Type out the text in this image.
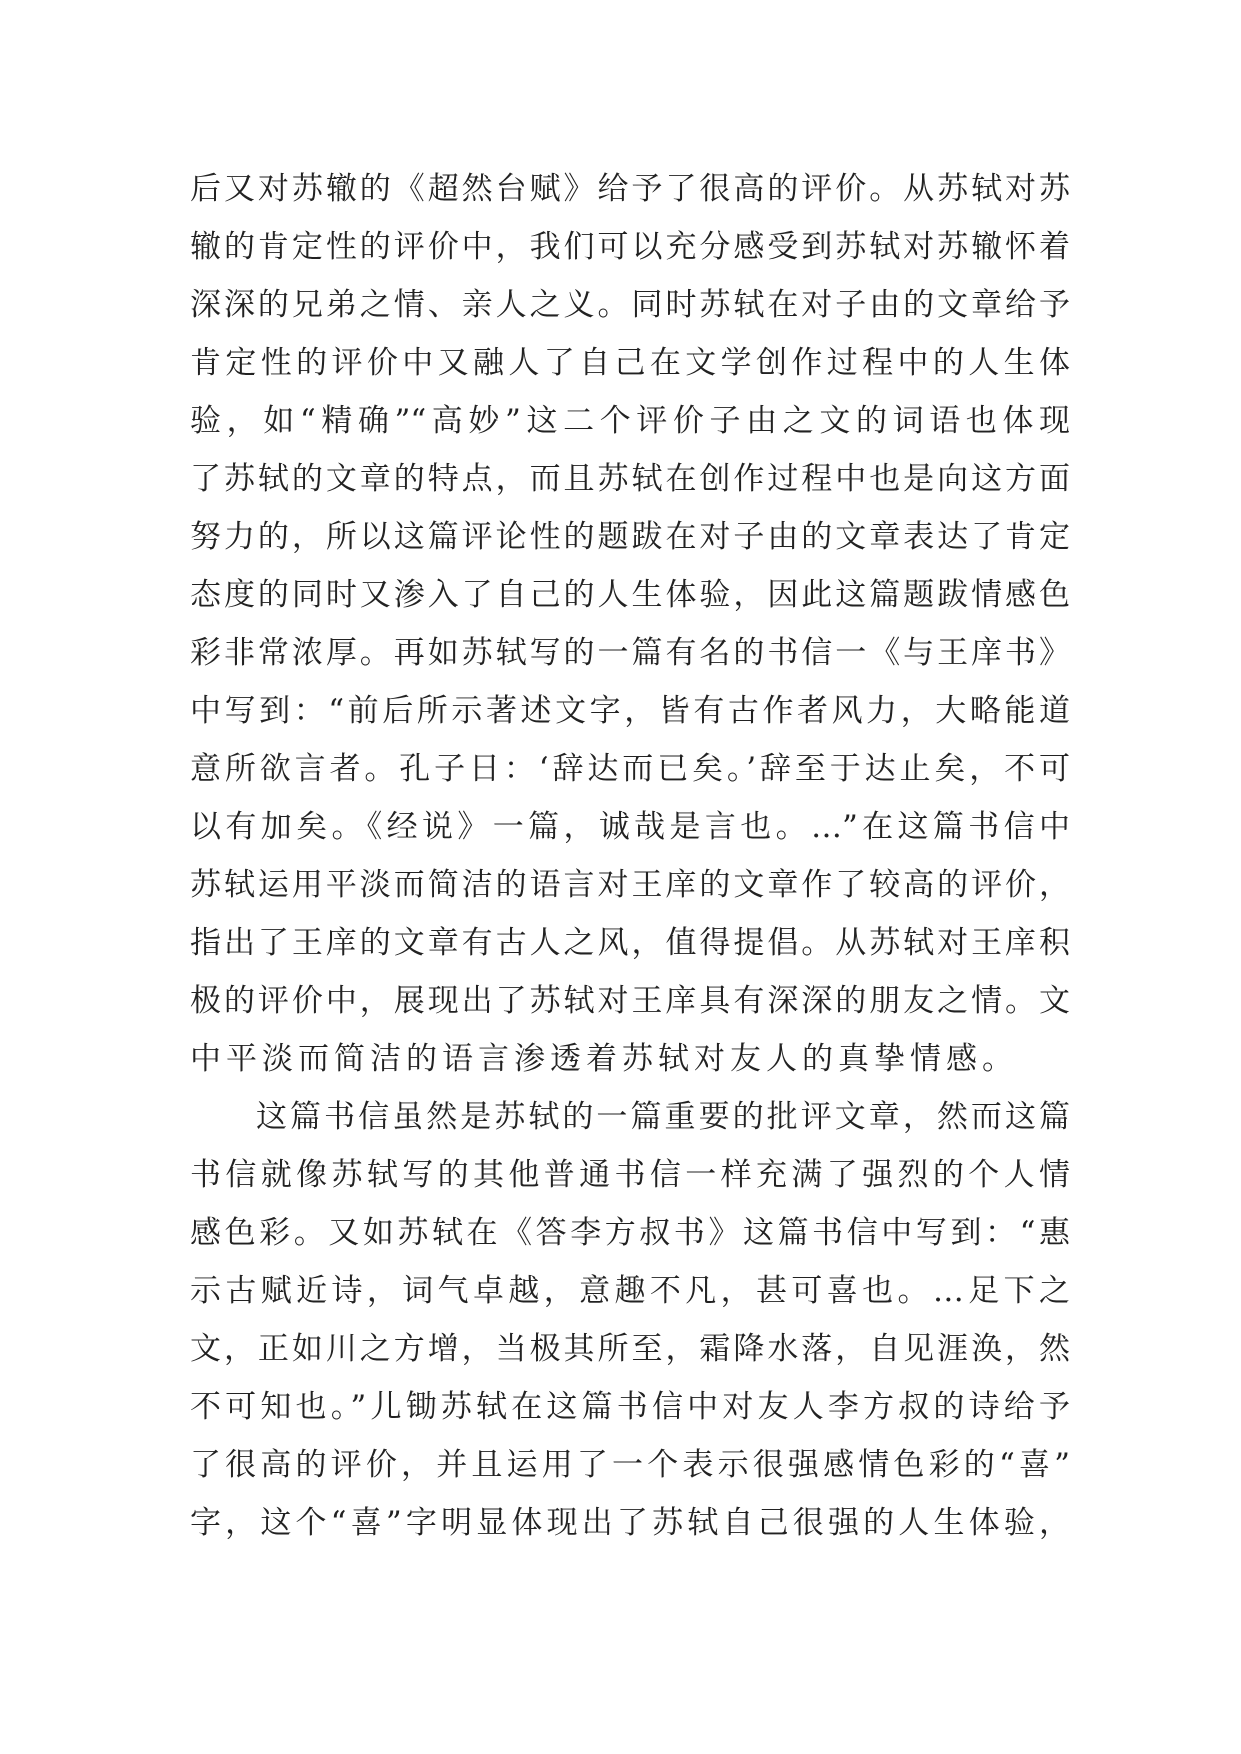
后又对苏辙的《超然台赋》给予了很高的评价。从苏轼对苏
辙的肯定性的评价中，我们可以充分感受到苏轼对苏辙怀着
深深的兄弟之情、亲人之义。同时苏轼在对子由的文章给予
肯定性的评价中又融人了自己在文学创作过程中的人生体
验，如“精确”“高妙”这二个评价子由之文的词语也体现
了苏轼的文章的特点，而且苏轼在创作过程中也是向这方面
努力的，所以这篇评论性的题跋在对子由的文章表达了肯定
态度的同时又渗入了自己的人生体验，因此这篇题跋情感色
彩非常浓厚。再如苏轼写的一篇有名的书信一《与王庠书》
中写到：“前后所示著述文字，皆有古作者风力，大略能道
意所欲言者。孔子日：‘辞达而已矣。’辞至于达止矣，不可
以有加矣。《经说》一篇，诚哉是言也。…”在这篇书信中
苏轼运用平淡而简洁的语言对王庠的文章作了较高的评价，
指出了王庠的文章有古人之风，值得提倡。从苏轼对王庠积
极的评价中，展现出了苏轼对王庠具有深深的朋友之情。文
中平淡而简洁的语言渗透着苏轼对友人的真挚情感。
这篇书信虽然是苏轼的一篇重要的批评文章，然而这篇
书信就像苏轼写的其他普通书信一样充满了强烈的个人情
感色彩。又如苏轼在《答李方叔书》这篇书信中写到：“惠
示古赋近诗，词气卓越，意趣不凡，甚可喜也。…足下之
文，正如川之方增，当极其所至，霜降水落，自见涯涣，然
不可知也。”儿锄苏轼在这篇书信中对友人李方叔的诗给予
了很高的评价，并且运用了一个表示很强感情色彩的“喜”
字，这个“喜”字明显体现出了苏轼自己很强的人生体验，
